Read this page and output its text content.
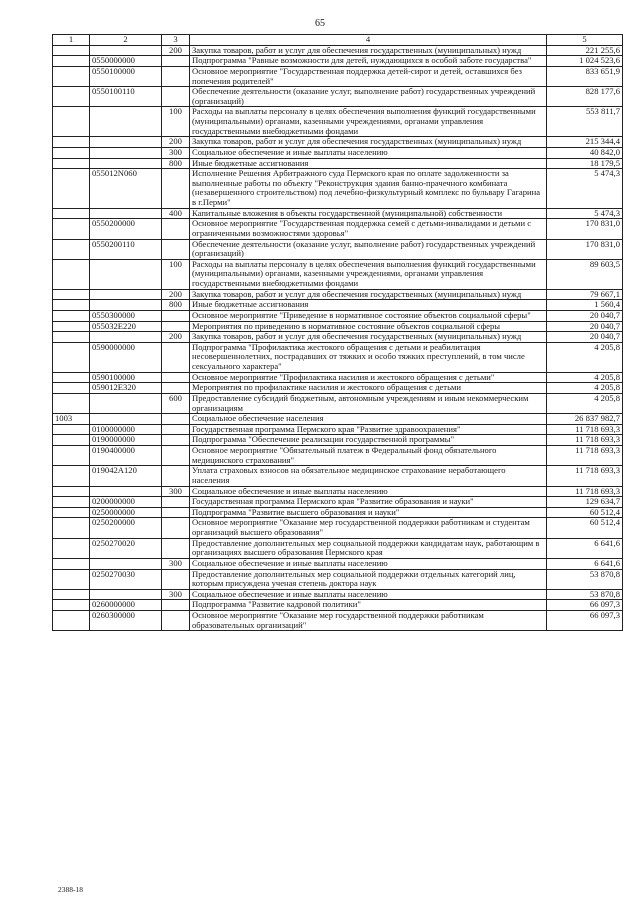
65
1	2	3	4	5
		200	Закупка товаров, работ и услуг для обеспечения государственных (муниципальных) нужд	221 255,6
	0550000000		Подпрограмма "Равные возможности для детей, нуждающихся в особой заботе государства"	1 024 523,6
	0550100000		Основное мероприятие "Государственная поддержка детей-сирот и детей, оставшихся без попечения родителей"	833 651,9
	0550100110		Обеспечение деятельности (оказание услуг, выполнение работ) государственных учреждений (организаций)	828 177,6
		100	Расходы на выплаты персоналу в целях обеспечения выполнения функций государственными (муниципальными) органами, казенными учреждениями, органами управления государственными внебюджетными фондами	553 811,7
		200	Закупка товаров, работ и услуг для обеспечения государственных (муниципальных) нужд	215 344,4
		300	Социальное обеспечение и иные выплаты населению	40 842,0
		800	Иные бюджетные ассигнования	18 179,5
	055012N060		Исполнение Решения Арбитражного суда Пермского края по оплате задолженности за выполненные работы по объекту "Реконструкция здания банно-прачечного комбината (незавершенного строительством) под лечебно-физкультурный комплекс по бульвару Гагарина в г.Перми"	5 474,3
		400	Капитальные вложения в объекты государственной (муниципальной) собственности	5 474,3
	0550200000		Основное мероприятие "Государственная поддержка семей с детьми-инвалидами и детьми с ограниченными возможностями здоровья"	170 831,0
	0550200110		Обеспечение деятельности (оказание услуг, выполнение работ) государственных учреждений (организаций)	170 831,0
		100	Расходы на выплаты персоналу в целях обеспечения выполнения функций государственными (муниципальными) органами, казенными учреждениями, органами управления государственными внебюджетными фондами	89 603,5
		200	Закупка товаров, работ и услуг для обеспечения государственных (муниципальных) нужд	79 667,1
		800	Иные бюджетные ассигнования	1 560,4
	0550300000		Основное мероприятие "Приведение в нормативное состояние объектов социальной сферы"	20 040,7
	055032E220		Мероприятия по приведению в нормативное состояние объектов социальной сферы	20 040,7
		200	Закупка товаров, работ и услуг для обеспечения государственных (муниципальных) нужд	20 040,7
	0590000000		Подпрограмма "Профилактика жестокого обращения с детьми и реабилитация несовершеннолетних, пострадавших от тяжких и особо тяжких преступлений, в том числе сексуального характера"	4 205,8
	0590100000		Основное мероприятие "Профилактика насилия и жестокого обращения с детьми"	4 205,8
	059012E320		Мероприятия по профилактике насилия и жестокого обращения с детьми	4 205,8
		600	Предоставление субсидий бюджетным, автономным учреждениям и иным некоммерческим организациям	4 205,8
1003			Социальное обеспечение населения	26 837 982,7
	0100000000		Государственная программа Пермского края "Развитие здравоохранения"	11 718 693,3
	0190000000		Подпрограмма "Обеспечение реализации государственной программы"	11 718 693,3
	0190400000		Основное мероприятие "Обязательный платеж в Федеральный фонд обязательного медицинского страхования"	11 718 693,3
	019042A120		Уплата страховых взносов на обязательное медицинское страхование неработающего населения	11 718 693,3
		300	Социальное обеспечение и иные выплаты населению	11 718 693,3
	0200000000		Государственная программа Пермского края "Развитие образования и науки"	129 634,7
	0250000000		Подпрограмма "Развитие высшего образования и науки"	60 512,4
	0250200000		Основное мероприятие "Оказание мер государственной поддержки работникам и студентам организаций высшего образования"	60 512,4
	0250270020		Предоставление дополнительных мер социальной поддержки кандидатам наук, работающим в организациях высшего образования Пермского края	6 641,6
		300	Социальное обеспечение и иные выплаты населению	6 641,6
	0250270030		Предоставление дополнительных мер социальной поддержки отдельных категорий лиц, которым присуждена ученая степень доктора наук	53 870,8
		300	Социальное обеспечение и иные выплаты населению	53 870,8
	0260000000		Подпрограмма "Развитие кадровой политики"	66 097,3
	0260300000		Основное мероприятие "Оказание мер государственной поддержки работникам образовательных организаций"	66 097,3
2388-18
